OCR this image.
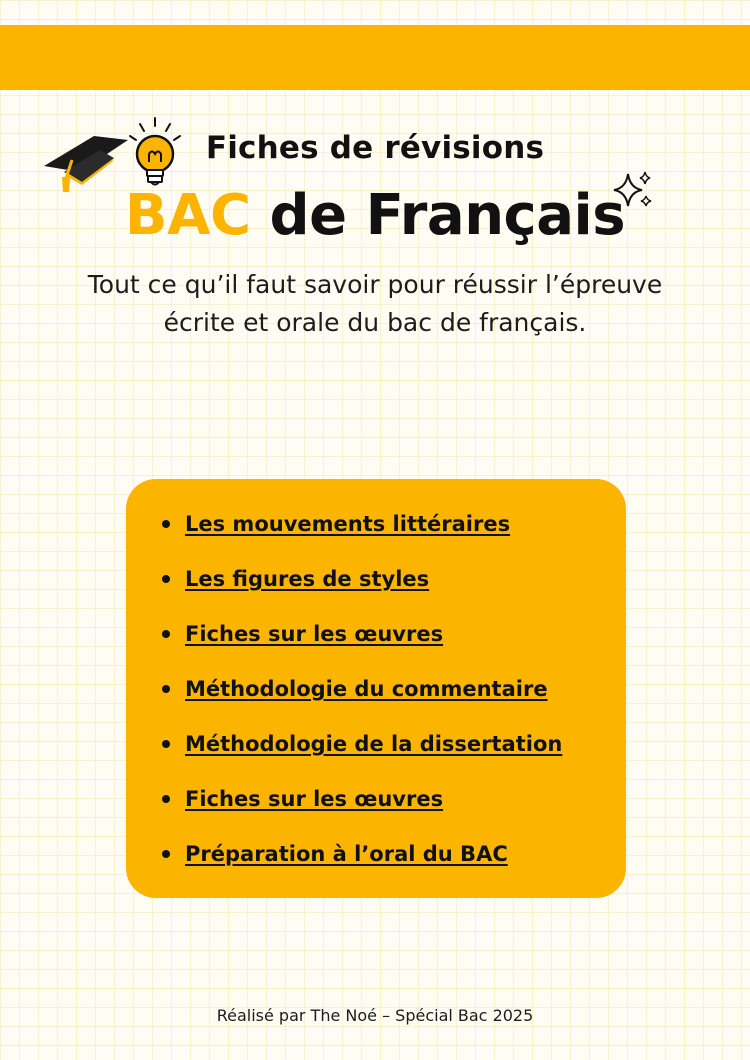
Fiches de révisions
BAC de Français
Tout ce qu’il faut savoir pour réussir l’épreuve
écrite et orale du bac de français.
Les mouvements littéraires
Les figures de styles
Fiches sur les œuvres
Méthodologie du commentaire
Méthodologie de la dissertation
Fiches sur les œuvres
Préparation à l’oral du BAC
Réalisé par The Noé – Spécial Bac 2025
